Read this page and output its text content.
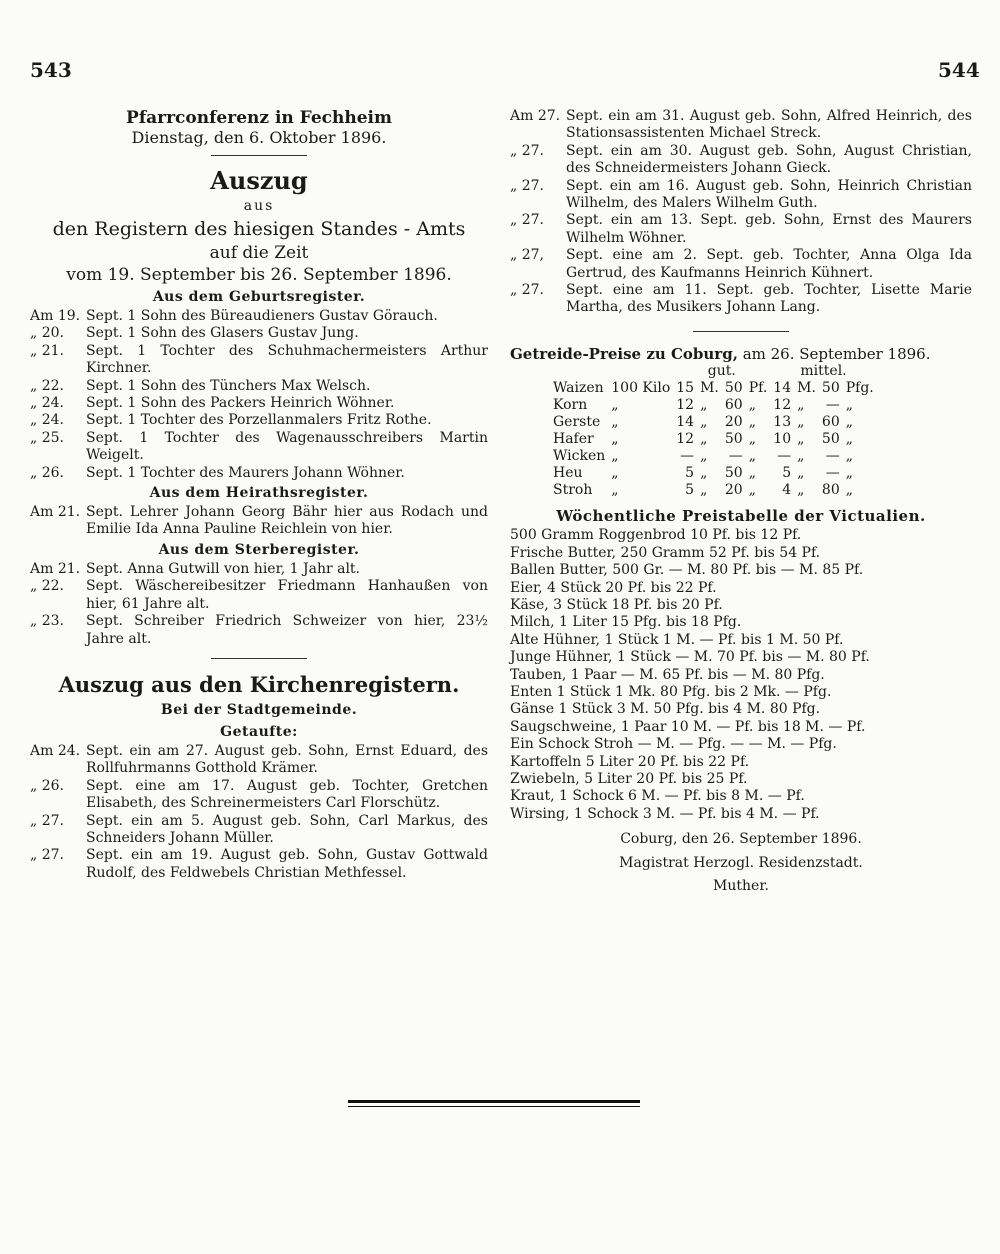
543	544
Pfarrconferenz in Fechheim
Dienstag, den 6. Oktober 1896.
Auszug
aus
den Registern des hiesigen Standes - Amts
auf die Zeit
vom 19. September bis 26. September 1896.
Aus dem Geburtsregister.
Am 19. Sept. 1 Sohn des Büreaudieners Gustav Görauch.
„ 20.	Sept. 1 Sohn des Glasers Gustav Jung.
„ 21.	Sept. 1 Tochter des Schuhmachermeisters Arthur Kirchner.
„ 22.	Sept. 1 Sohn des Tünchers Max Welsch.
„ 24.	Sept. 1 Sohn des Packers Heinrich Wöhner.
„ 24.	Sept. 1 Tochter des Porzellanmalers Fritz Rothe.
„ 25.	Sept. 1 Tochter des Wagenausschreibers Martin Weigelt.
„ 26.	Sept. 1 Tochter des Maurers Johann Wöhner.
Aus dem Heirathsregister.
Am 21. Sept. Lehrer Johann Georg Bähr hier aus Rodach und Emilie Ida Anna Pauline Reichlein von hier.
Aus dem Sterberegister.
Am 21. Sept. Anna Gutwill von hier, 1 Jahr alt.
„ 22.	Sept. Wäschereibesitzer Friedmann Hanhaußen von hier, 61 Jahre alt.
„ 23.	Sept. Schreiber Friedrich Schweizer von hier, 23½ Jahre alt.
Auszug aus den Kirchenregistern.
Bei der Stadtgemeinde.
Getaufte:
Am 24. Sept. ein am 27. August geb. Sohn, Ernst Eduard, des Rollfuhrmanns Gotthold Krämer.
„ 26.	Sept. eine am 17. August geb. Tochter, Gretchen Elisabeth, des Schreinermeisters Carl Florschütz.
„ 27.	Sept. ein am 5. August geb. Sohn, Carl Markus, des Schneiders Johann Müller.
„ 27.	Sept. ein am 19. August geb. Sohn, Gustav Gottwald Rudolf, des Feldwebels Christian Methfessel.
Am 27. Sept. ein am 31. August geb. Sohn, Alfred Heinrich, des Stationsassistenten Michael Streck.
„ 27.	Sept. ein am 30. August geb. Sohn, August Christian, des Schneidermeisters Johann Gieck.
„ 27.	Sept. ein am 16. August geb. Sohn, Heinrich Christian Wilhelm, des Malers Wilhelm Guth.
„ 27.	Sept. ein am 13. Sept. geb. Sohn, Ernst des Maurers Wilhelm Wöhner.
„ 27,	Sept. eine am 2. Sept. geb. Tochter, Anna Olga Ida Gertrud, des Kaufmanns Heinrich Kühnert.
„ 27.	Sept. eine am 11. Sept. geb. Tochter, Lisette Marie Martha, des Musikers Johann Lang.
Getreide-Preise zu Coburg, am 26. September 1896.
		gut.				mittel.			
Waizen	100 Kilo	15	M.	50	Pf.	14	M.	50	Pfg.
Korn	„	12	„	60	„	12	„	—	„
Gerste	„	14	„	20	„	13	„	60	„
Hafer	„	12	„	50	„	10	„	50	„
Wicken	„	—	„	—	„	—	„	—	„
Heu	„	5	„	50	„	5	„	—	„
Stroh	„	5	„	20	„	4	„	80	„
Wöchentliche Preistabelle der Victualien.
500 Gramm Roggenbrod 10 Pf. bis 12 Pf.
Frische Butter, 250 Gramm 52 Pf. bis 54 Pf.
Ballen Butter, 500 Gr. — M. 80 Pf. bis — M. 85 Pf.
Eier, 4 Stück 20 Pf. bis 22 Pf.
Käse, 3 Stück 18 Pf. bis 20 Pf.
Milch, 1 Liter 15 Pfg. bis 18 Pfg.
Alte Hühner, 1 Stück 1 M. — Pf. bis 1 M. 50 Pf.
Junge Hühner, 1 Stück — M. 70 Pf. bis — M. 80 Pf.
Tauben, 1 Paar — M. 65 Pf. bis — M. 80 Pfg.
Enten 1 Stück 1 Mk. 80 Pfg. bis 2 Mk. — Pfg.
Gänse 1 Stück 3 M. 50 Pfg. bis 4 M. 80 Pfg.
Saugschweine, 1 Paar 10 M. — Pf. bis 18 M. — Pf.
Ein Schock Stroh — M. — Pfg. — — M. — Pfg.
Kartoffeln 5 Liter 20 Pf. bis 22 Pf.
Zwiebeln, 5 Liter 20 Pf. bis 25 Pf.
Kraut, 1 Schock 6 M. — Pf. bis 8 M. — Pf.
Wirsing, 1 Schock 3 M. — Pf. bis 4 M. — Pf.
Coburg, den 26. September 1896.
Magistrat Herzogl. Residenzstadt.
Muther.
